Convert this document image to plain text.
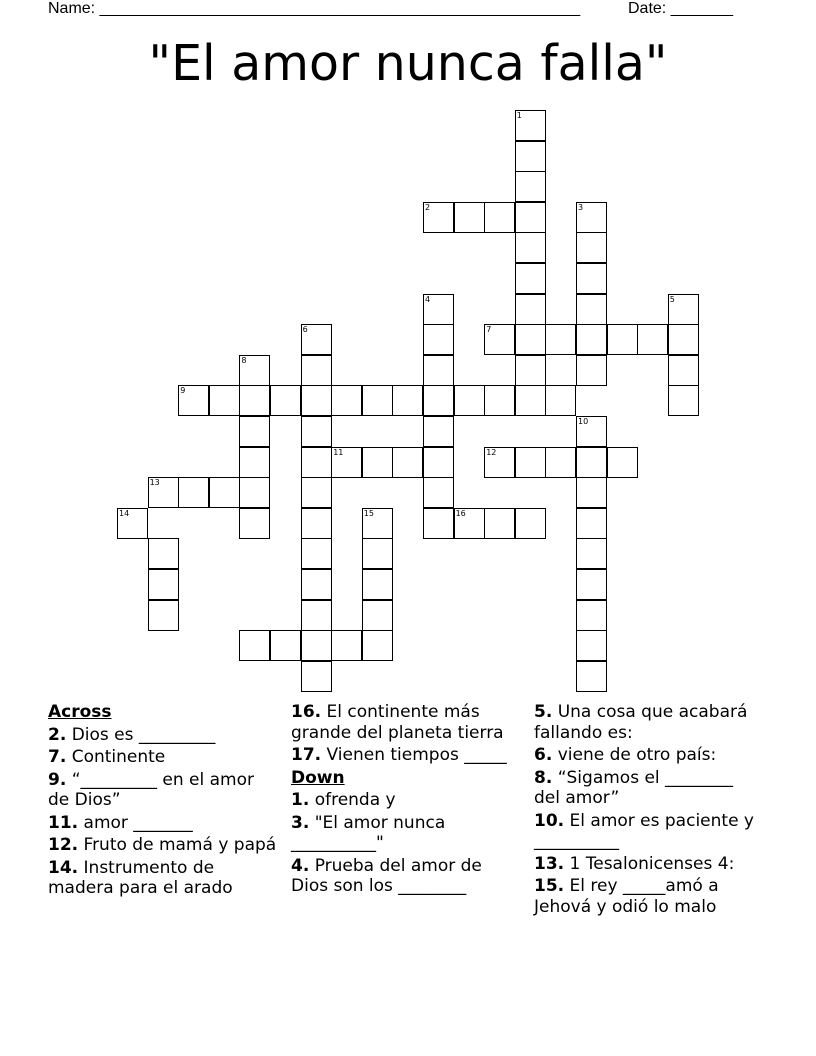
Name: ______________________________________________________	Date: _______
"El amor nunca falla"
1
2	3
4	5
7
6
8
9
10
11	12
13
14	15	16
Across
2. Dios es _________
7. Continente
9. “_________ en el amor de Dios”
11. amor _______
12. Fruto de mamá y papá
14. Instrumento de madera para el arado
16. El continente más grande del planeta tierra
17. Vienen tiempos _____
Down
1. ofrenda y
3. "El amor nunca __________"
4. Prueba del amor de Dios son los ________
5. Una cosa que acabará fallando es:
6. viene de otro país:
8. “Sigamos el ________ del amor”
10. El amor es paciente y __________
13. 1 Tesalonicenses 4:
15. El rey _____amó a Jehová y odió lo malo
